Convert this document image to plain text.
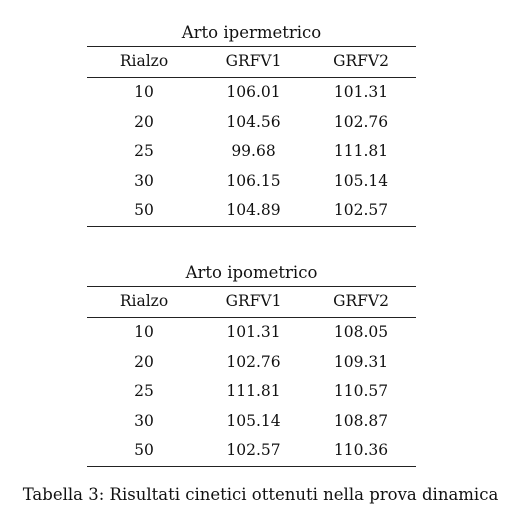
Arto ipermetrico
Rialzo	GRFV1	GRFV2
10	106.01	101.31
20	104.56	102.76
25	99.68	111.81
30	106.15	105.14
50	104.89	102.57
Arto ipometrico
Rialzo	GRFV1	GRFV2
10	101.31	108.05
20	102.76	109.31
25	111.81	110.57
30	105.14	108.87
50	102.57	110.36
Tabella 3: Risultati cinetici ottenuti nella prova dinamica
